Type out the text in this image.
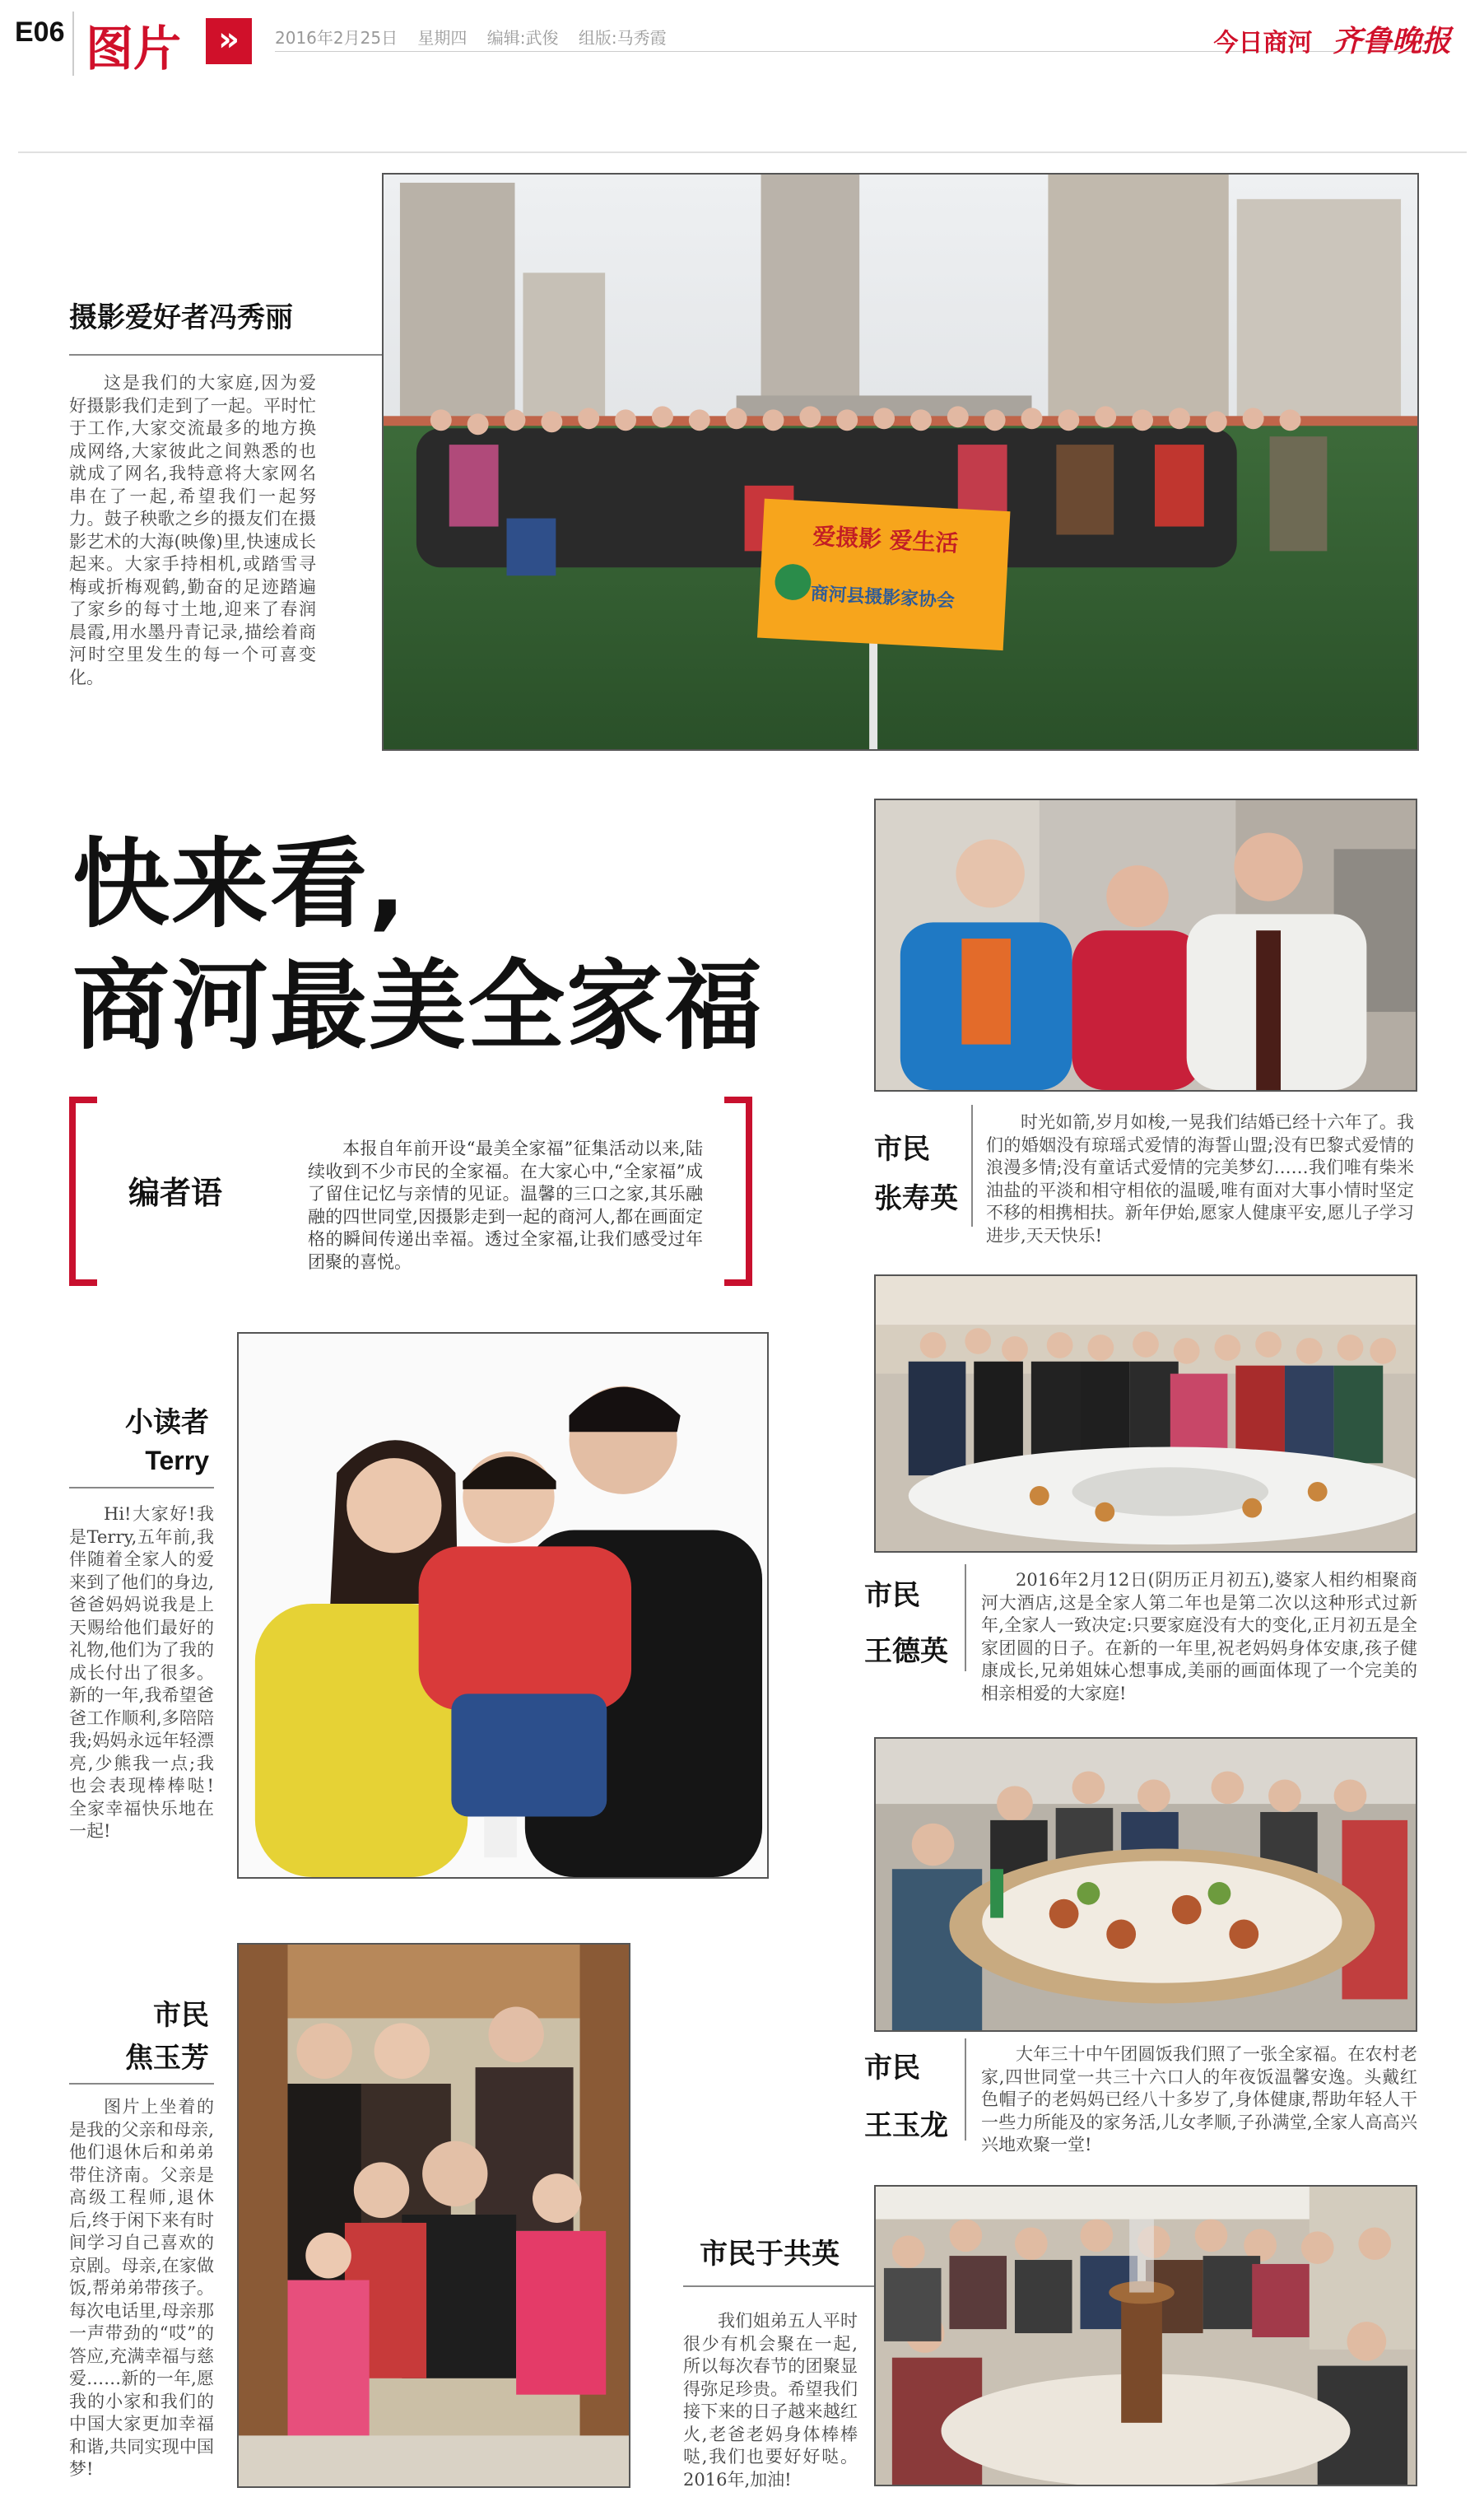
E06 图片	»	2016年2月25日 星期四 编辑:武俊 组版:马秀霞	今日商河 齐鲁晚报
摄影爱好者冯秀丽
这是我们的大家庭,因为爱好摄影我们走到了一起。平时忙于工作,大家交流最多的地方换成网络,大家彼此之间熟悉的也就成了网名,我特意将大家网名串在了一起,希望我们一起努力。鼓子秧歌之乡的摄友们在摄影艺术的大海(映像)里,快速成长起来。大家手持相机,或踏雪寻梅或折梅观鹤,勤奋的足迹踏遍了家乡的每寸土地,迎来了春润晨霞,用水墨丹青记录,描绘着商河时空里发生的每一个可喜变化。
爱摄影 爱生活
商河县摄影家协会
快来看,
商河最美全家福
编者语
本报自年前开设“最美全家福”征集活动以来,陆续收到不少市民的全家福。在大家心中,“全家福”成了留住记忆与亲情的见证。温馨的三口之家,其乐融融的四世同堂,因摄影走到一起的商河人,都在画面定格的瞬间传递出幸福。透过全家福,让我们感受过年团聚的喜悦。
市民
张寿英
时光如箭,岁月如梭,一晃我们结婚已经十六年了。我们的婚姻没有琼瑶式爱情的海誓山盟;没有巴黎式爱情的浪漫多情;没有童话式爱情的完美梦幻……我们唯有柴米油盐的平淡和相守相依的温暖,唯有面对大事小情时坚定不移的相携相扶。新年伊始,愿家人健康平安,愿儿子学习进步,天天快乐!
小读者
Terry
Hi!大家好!我是Terry,五年前,我伴随着全家人的爱来到了他们的身边,爸爸妈妈说我是上天赐给他们最好的礼物,他们为了我的成长付出了很多。新的一年,我希望爸爸工作顺利,多陪陪我;妈妈永远年轻漂亮,少熊我一点;我也会表现棒棒哒!全家幸福快乐地在一起!
市民
王德英
2016年2月12日(阴历正月初五),婆家人相约相聚商河大酒店,这是全家人第二年也是第二次以这种形式过新年,全家人一致决定:只要家庭没有大的变化,正月初五是全家团圆的日子。在新的一年里,祝老妈妈身体安康,孩子健康成长,兄弟姐妹心想事成,美丽的画面体现了一个完美的相亲相爱的大家庭!
市民
焦玉芳
图片上坐着的是我的父亲和母亲,他们退休后和弟弟带住济南。父亲是高级工程师,退休后,终于闲下来有时间学习自己喜欢的京剧。母亲,在家做饭,帮弟弟带孩子。每次电话里,母亲那一声带劲的“哎”的答应,充满幸福与慈爱……新的一年,愿我的小家和我们的中国大家更加幸福和谐,共同实现中国梦!
市民
王玉龙
大年三十中午团圆饭我们照了一张全家福。在农村老家,四世同堂一共三十六口人的年夜饭温馨安逸。头戴红色帽子的老妈妈已经八十多岁了,身体健康,帮助年轻人干一些力所能及的家务活,儿女孝顺,子孙满堂,全家人高高兴兴地欢聚一堂!
市民于共英
我们姐弟五人平时很少有机会聚在一起,所以每次春节的团聚显得弥足珍贵。希望我们接下来的日子越来越红火,老爸老妈身体棒棒哒,我们也要好好哒。2016年,加油!
